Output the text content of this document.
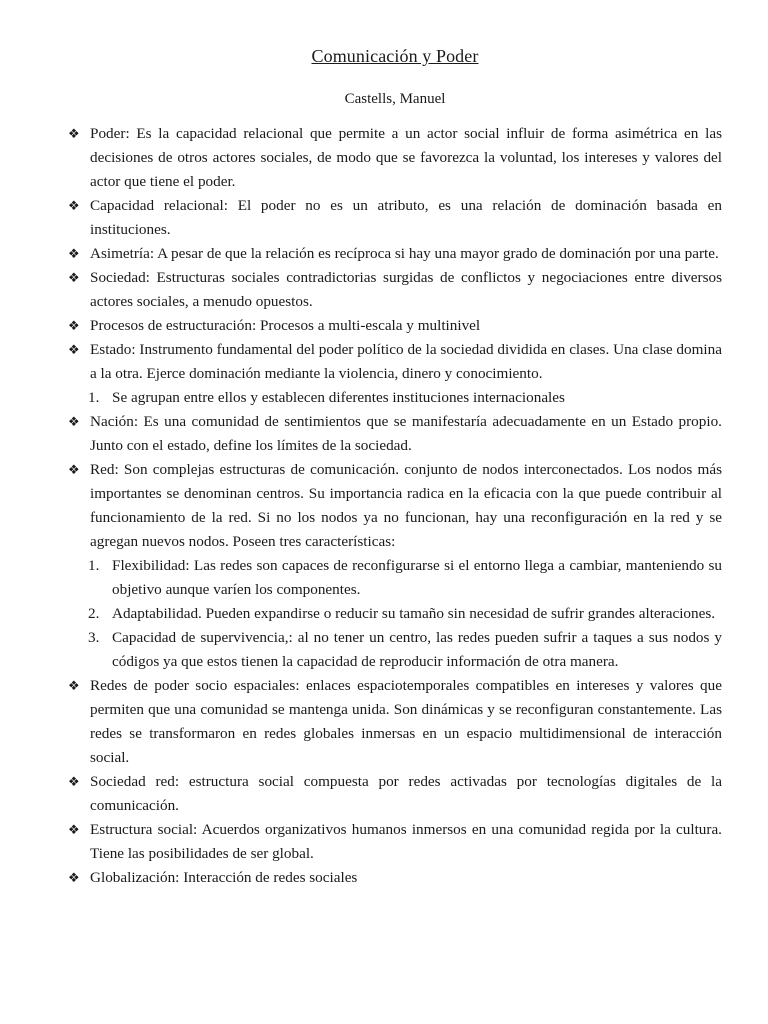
Comunicación y Poder
Castells, Manuel
❖ Poder: Es la capacidad relacional que permite a un actor social influir de forma asimétrica en las decisiones de otros actores sociales, de modo que se favorezca la voluntad, los intereses y valores del actor que tiene el poder.
❖ Capacidad relacional: El poder no es un atributo, es una relación de dominación basada en instituciones.
❖ Asimetría: A pesar de que la relación es recíproca si hay una mayor grado de dominación por una parte.
❖ Sociedad: Estructuras sociales contradictorias surgidas de conflictos y negociaciones entre diversos actores sociales, a menudo opuestos.
❖ Procesos de estructuración: Procesos a multi-escala y multinivel
❖ Estado: Instrumento fundamental del poder político de la sociedad dividida en clases. Una clase domina a la otra. Ejerce dominación mediante la violencia, dinero y conocimiento.
1. Se agrupan entre ellos y establecen diferentes instituciones internacionales
❖ Nación: Es una comunidad de sentimientos que se manifestaría adecuadamente en un Estado propio. Junto con el estado, define los límites de la sociedad.
❖ Red: Son complejas estructuras de comunicación. conjunto de nodos interconectados. Los nodos más importantes se denominan centros. Su importancia radica en la eficacia con la que puede contribuir al funcionamiento de la red. Si no los nodos ya no funcionan, hay una reconfiguración en la red y se agregan nuevos nodos. Poseen tres características:
1. Flexibilidad: Las redes son capaces de reconfigurarse si el entorno llega a cambiar, manteniendo su objetivo aunque varíen los componentes.
2. Adaptabilidad. Pueden expandirse o reducir su tamaño sin necesidad de sufrir grandes alteraciones.
3. Capacidad de supervivencia,: al no tener un centro, las redes pueden sufrir a taques a sus nodos y códigos ya que estos tienen la capacidad de reproducir información de otra manera.
❖ Redes de poder socio espaciales: enlaces espaciotemporales compatibles en intereses y valores que permiten que una comunidad se mantenga unida. Son dinámicas y se reconfiguran constantemente. Las redes se transformaron en redes globales inmersas en un espacio multidimensional de interacción social.
❖ Sociedad red: estructura social compuesta por redes activadas por tecnologías digitales de la comunicación.
❖ Estructura social: Acuerdos organizativos humanos inmersos en una comunidad regida por la cultura. Tiene las posibilidades de ser global.
❖ Globalización: Interacción de redes sociales
